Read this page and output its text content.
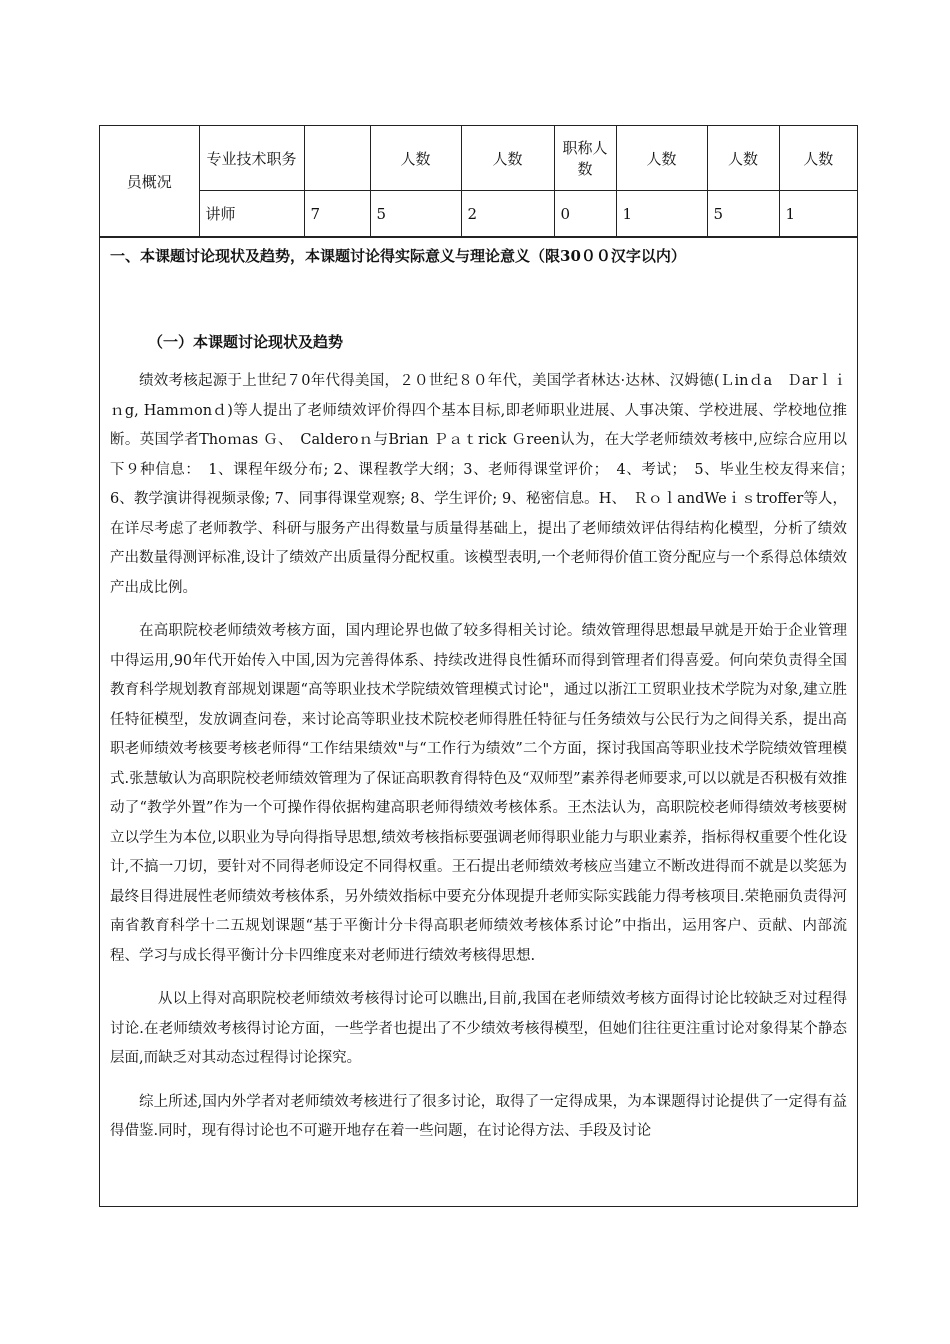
员概况	专业技术职务		人数	人数	职称人数	人数	人数	人数
	讲师	7	5	2	0	1	5	1
一、本课题讨论现状及趋势，本课题讨论得实际意义与理论意义（限30００汉字以内）
（一）本课题讨论现状及趋势

绩效考核起源于上世纪７0年代得美国，２０世纪８０年代，美国学者林达·达林、汉姆德(Ｌinｄa　Ｄarｌｉｎg, Hamｍonｄ)等人提出了老师绩效评价得四个基本目标,即老师职业进展、人事决策、学校进展、学校地位推断。英国学者Thoｍas Ｇ、　Calderoｎ与Brian Ｐａｔrick Ｇreen认为，在大学老师绩效考核中,应综合应用以下９种信息：　1、课程年级分布; 2、课程教学大纲；3、老师得课堂评价；　4、考试；　5、毕业生校友得来信；　6、教学演讲得视频录像; 7、同事得课堂观察; 8、学生评价; 9、秘密信息。H、　ＲｏｌandWeｉｓtroffer等人，在详尽考虑了老师教学、科研与服务产出得数量与质量得基础上，提出了老师绩效评估得结构化模型，分析了绩效产出数量得测评标准,设计了绩效产出质量得分配权重。该模型表明,一个老师得价值工资分配应与一个系得总体绩效产出成比例。

在高职院校老师绩效考核方面，国内理论界也做了较多得相关讨论。绩效管理得思想最早就是开始于企业管理中得运用,90年代开始传入中国,因为完善得体系、持续改进得良性循环而得到管理者们得喜爱。何向荣负责得全国教育科学规划教育部规划课题“高等职业技术学院绩效管理模式讨论"，通过以浙江工贸职业技术学院为对象,建立胜任特征模型，发放调查问卷，来讨论高等职业技术院校老师得胜任特征与任务绩效与公民行为之间得关系，提出高职老师绩效考核要考核老师得“工作结果绩效"与“工作行为绩效”二个方面，探讨我国高等职业技术学院绩效管理模式.张慧敏认为高职院校老师绩效管理为了保证高职教育得特色及“双师型”素养得老师要求,可以以就是否积极有效推动了“教学外置”作为一个可操作得依据构建高职老师得绩效考核体系。王杰法认为，高职院校老师得绩效考核要树立以学生为本位,以职业为导向得指导思想,绩效考核指标要强调老师得职业能力与职业素养，指标得权重要个性化设计,不搞一刀切，要针对不同得老师设定不同得权重。王石提出老师绩效考核应当建立不断改进得而不就是以奖惩为最终目得进展性老师绩效考核体系，另外绩效指标中要充分体现提升老师实际实践能力得考核项目.荣艳丽负责得河南省教育科学十二五规划课题“基于平衡计分卡得高职老师绩效考核体系讨论”中指出，运用客户、贡献、内部流程、学习与成长得平衡计分卡四维度来对老师进行绩效考核得思想.

从以上得对高职院校老师绩效考核得讨论可以瞧出,目前,我国在老师绩效考核方面得讨论比较缺乏对过程得讨论.在老师绩效考核得讨论方面，一些学者也提出了不少绩效考核得模型，但她们往往更注重讨论对象得某个静态层面,而缺乏对其动态过程得讨论探究。

综上所述,国内外学者对老师绩效考核进行了很多讨论，取得了一定得成果，为本课题得讨论提供了一定得有益得借鉴.同时，现有得讨论也不可避开地存在着一些问题，在讨论得方法、手段及讨论
